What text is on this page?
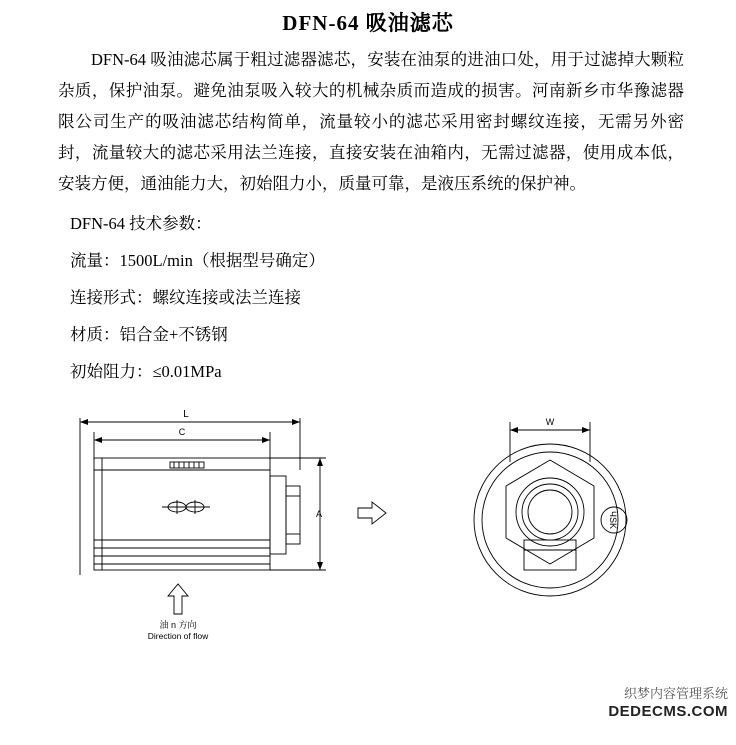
DFN-64 吸油滤芯

DFN-64 吸油滤芯属于粗过滤器滤芯，安装在油泵的进油口处，用于过滤掉大颗粒杂质，保护油泵。避免油泵吸入较大的机械杂质而造成的损害。河南新乡市华豫滤器限公司生产的吸油滤芯结构简单，流量较小的滤芯采用密封螺纹连接，无需另外密封，流量较大的滤芯采用法兰连接，直接安装在油箱内，无需过滤器，使用成本低，安装方便，通油能力大，初始阻力小，质量可靠，是液压系统的保护神。

DFN-64 技术参数：
流量：1500L/min（根据型号确定）
连接形式：螺纹连接或法兰连接
材质：铝合金+不锈钢
初始阻力：≤0.01MPa
L
C
W
A
油 n 方向
Direction of flow
ЧSK
织梦内容管理系统
DEDECMS.COM
